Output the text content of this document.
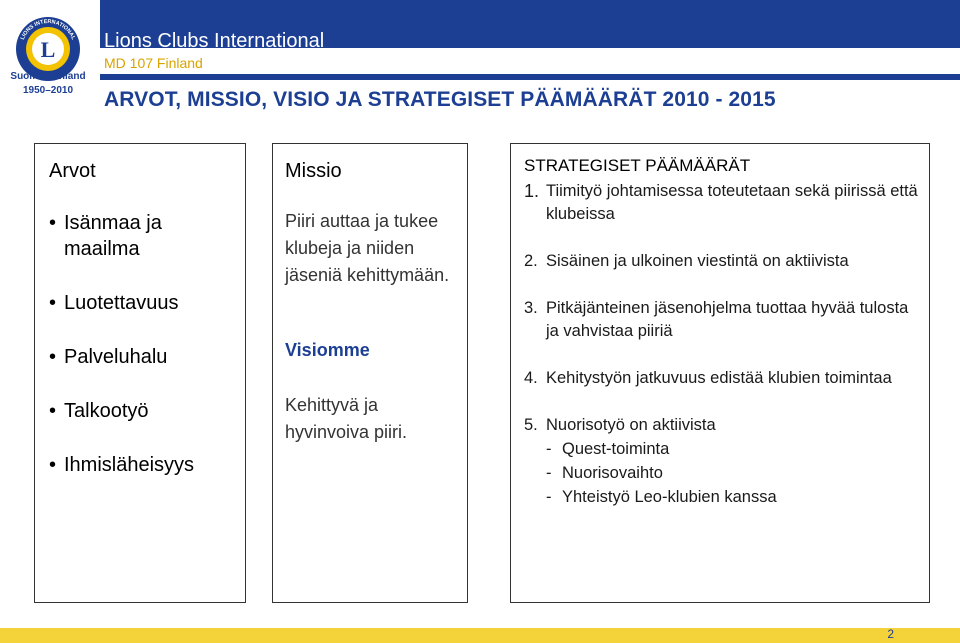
Lions Clubs International
MD 107 Finland
L
LIONS INTERNATIONAL
Suomi • Finland
1950–2010	ARVOT, MISSIO, VISIO JA STRATEGISET PÄÄMÄÄRÄT 2010 - 2015
Arvot
• Isänmaa ja
maailma
• Luotettavuus
• Palveluhalu
• Talkootyö
• Ihmisläheisyys
Missio
Piiri auttaa ja tukee klubeja ja niiden jäseniä kehittymään.
Visiomme
Kehittyvä ja hyvinvoiva piiri.
STRATEGISET PÄÄMÄÄRÄT
1. Tiimityö johtamisessa toteutetaan sekä piirissä että klubeissa
2. Sisäinen ja ulkoinen viestintä on aktiivista
3. Pitkäjänteinen jäsenohjelma tuottaa hyvää tulosta ja vahvistaa piiriä
4. Kehitystyön jatkuvuus edistää klubien toimintaa
5. Nuorisotyö on aktiivista
- Quest-toiminta
- Nuorisovaihto
- Yhteistyö Leo-klubien kanssa
2
